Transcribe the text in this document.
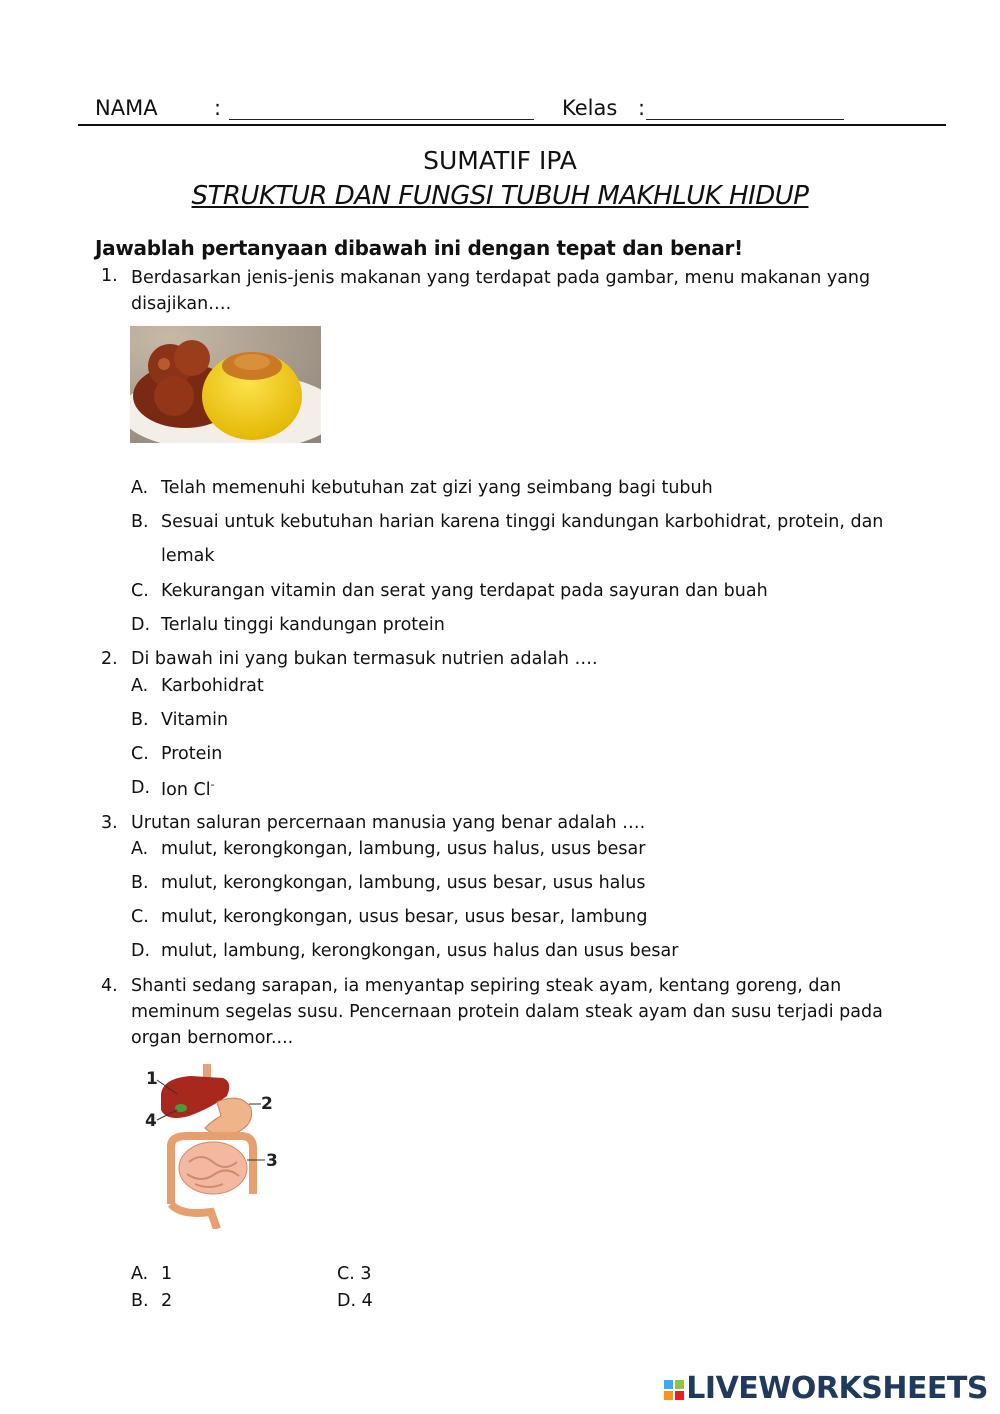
NAMA	:	Kelas :
SUMATIF IPA
STRUKTUR DAN FUNGSI TUBUH MAKHLUK HIDUP
Jawablah pertanyaan dibawah ini dengan tepat dan benar!
1. Berdasarkan jenis-jenis makanan yang terdapat pada gambar, menu makanan yang
disajikan….
A. Telah memenuhi kebutuhan zat gizi yang seimbang bagi tubuh
B. Sesuai untuk kebutuhan harian karena tinggi kandungan karbohidrat, protein, dan
lemak
C. Kekurangan vitamin dan serat yang terdapat pada sayuran dan buah
D. Terlalu tinggi kandungan protein
2. Di bawah ini yang bukan termasuk nutrien adalah ….
A. Karbohidrat
B. Vitamin
C. Protein
D. Ion Cl-
3. Urutan saluran percernaan manusia yang benar adalah ….
A. mulut, kerongkongan, lambung, usus halus, usus besar
B. mulut, kerongkongan, lambung, usus besar, usus halus
C. mulut, kerongkongan, usus besar, usus besar, lambung
D. mulut, lambung, kerongkongan, usus halus dan usus besar
4. Shanti sedang sarapan, ia menyantap sepiring steak ayam, kentang goreng, dan
meminum segelas susu. Pencernaan protein dalam steak ayam dan susu terjadi pada
organ bernomor....
1
2
3
4
A. 1
B. 2
C. 3
D. 4
LIVEWORKSHEETS
